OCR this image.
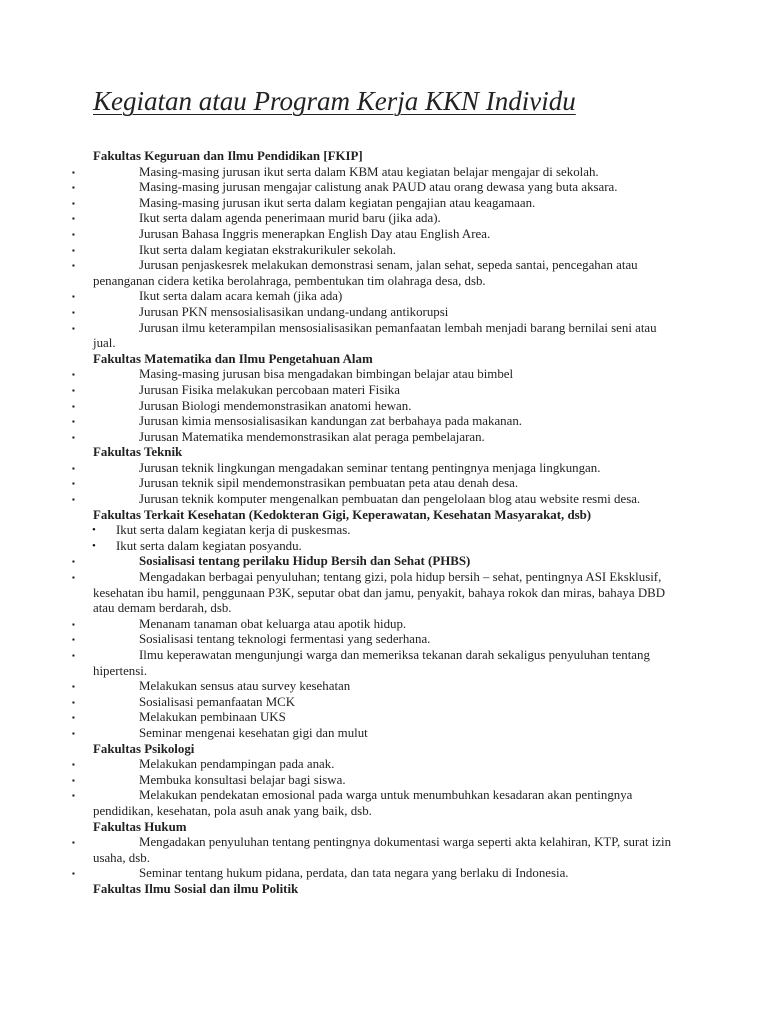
Kegiatan atau Program Kerja KKN Individu
Fakultas Keguruan dan Ilmu Pendidikan [FKIP]
▪	Masing-masing jurusan ikut serta dalam KBM atau kegiatan belajar mengajar di sekolah.
▪	Masing-masing jurusan mengajar calistung anak PAUD atau orang dewasa yang buta aksara.
▪	Masing-masing jurusan ikut serta dalam kegiatan pengajian atau keagamaan.
▪	Ikut serta dalam agenda penerimaan murid baru (jika ada).
▪	Jurusan Bahasa Inggris menerapkan English Day atau English Area.
▪	Ikut serta dalam kegiatan ekstrakurikuler sekolah.
▪	Jurusan penjaskesrek melakukan demonstrasi senam, jalan sehat, sepeda santai, pencegahan atau penanganan cidera ketika berolahraga, pembentukan tim olahraga desa, dsb.
▪	Ikut serta dalam acara kemah (jika ada)
▪	Jurusan PKN mensosialisasikan undang-undang antikorupsi
▪	Jurusan ilmu keterampilan mensosialisasikan pemanfaatan lembah menjadi barang bernilai seni atau jual.
Fakultas Matematika dan Ilmu Pengetahuan Alam
▪	Masing-masing jurusan bisa mengadakan bimbingan belajar atau bimbel
▪	Jurusan Fisika melakukan percobaan materi Fisika
▪	Jurusan Biologi mendemonstrasikan anatomi hewan.
▪	Jurusan kimia mensosialisasikan kandungan zat berbahaya pada makanan.
▪	Jurusan Matematika mendemonstrasikan alat peraga pembelajaran.
Fakultas Teknik
▪	Jurusan teknik lingkungan mengadakan seminar tentang pentingnya menjaga lingkungan.
▪	Jurusan teknik sipil mendemonstrasikan pembuatan peta atau denah desa.
▪	Jurusan teknik komputer mengenalkan pembuatan dan pengelolaan blog atau website resmi desa.
Fakultas Terkait Kesehatan (Kedokteran Gigi, Keperawatan, Kesehatan Masyarakat, dsb)
• Ikut serta dalam kegiatan kerja di puskesmas.
• Ikut serta dalam kegiatan posyandu.
▪	Sosialisasi tentang perilaku Hidup Bersih dan Sehat (PHBS)
▪	Mengadakan berbagai penyuluhan; tentang gizi, pola hidup bersih – sehat, pentingnya ASI Eksklusif, kesehatan ibu hamil, penggunaan P3K, seputar obat dan jamu, penyakit, bahaya rokok dan miras, bahaya DBD atau demam berdarah, dsb.
▪	Menanam tanaman obat keluarga atau apotik hidup.
▪	Sosialisasi tentang teknologi fermentasi yang sederhana.
▪	Ilmu keperawatan mengunjungi warga dan memeriksa tekanan darah sekaligus penyuluhan tentang hipertensi.
▪	Melakukan sensus atau survey kesehatan
▪	Sosialisasi pemanfaatan MCK
▪	Melakukan pembinaan UKS
▪	Seminar mengenai kesehatan gigi dan mulut
Fakultas Psikologi
▪	Melakukan pendampingan pada anak.
▪	Membuka konsultasi belajar bagi siswa.
▪	Melakukan pendekatan emosional pada warga untuk menumbuhkan kesadaran akan pentingnya pendidikan, kesehatan, pola asuh anak yang baik, dsb.
Fakultas Hukum
▪	Mengadakan penyuluhan tentang pentingnya dokumentasi warga seperti akta kelahiran, KTP, surat izin usaha, dsb.
▪	Seminar tentang hukum pidana, perdata, dan tata negara yang berlaku di Indonesia.
Fakultas Ilmu Sosial dan ilmu Politik
